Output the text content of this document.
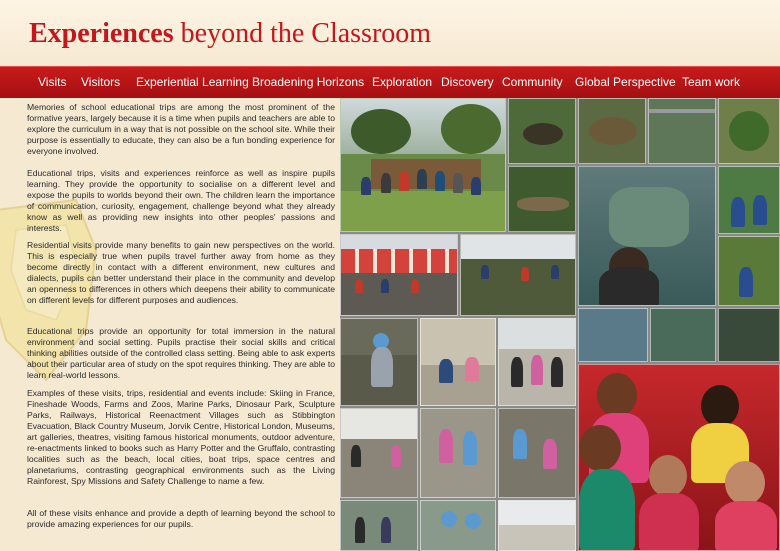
Experiences beyond the Classroom
Visits Visitors Experiential Learning Broadening Horizons Exploration Discovery Community Global Perspective Team work

Memories of school educational trips are among the most prominent of the formative years, largely because it is a time when pupils and teachers are able to explore the curriculum in a way that is not possible on the school site. While their purpose is essentially to educate, they can also be a fun bonding experience for everyone involved.

Educational trips, visits and experiences reinforce as well as inspire pupils learning. They provide the opportunity to socialise on a different level and expose the pupils to worlds beyond their own. The children learn the importance of communication, curiosity, engagement, challenge beyond what they already know as well as providing new insights into other peoples' passions and interests.

Residential visits provide many benefits to gain new perspectives on the world. This is especially true when pupils travel further away from home as they become directly in contact with a different environment, new cultures and dialects, pupils can better understand their place in the community and develop an openness to differences in others which deepens their ability to communicate on different levels for different purposes and audiences.

Educational trips provide an opportunity for total immersion in the natural environment and social setting. Pupils practise their social skills and critical thinking abilities outside of the controlled class setting. Being able to ask experts about their particular area of study on the spot requires thinking. They are able to learn real-world lessons.

Examples of these visits, trips, residential and events include: Skiing in France, Fineshade Woods, Farms and Zoos, Marine Parks, Dinosaur Park, Sculpture Parks, Railways, Historical Reenactment Villages such as Stibbington Evacuation, Black Country Museum, Jorvik Centre, Historical London, Museums, art galleries, theatres, visiting famous historical monuments, outdoor adventure, re-enactments linked to books such as Harry Potter and the Gruffalo, contrasting localities such as the beach, local cities, boat trips, space centres and planetariums, contrasting geographical environments such as the Living Rainforest, Spy Missions and Safety Challenge to name a few.

All of these visits enhance and provide a depth of learning beyond the school to provide amazing experiences for our pupils.
